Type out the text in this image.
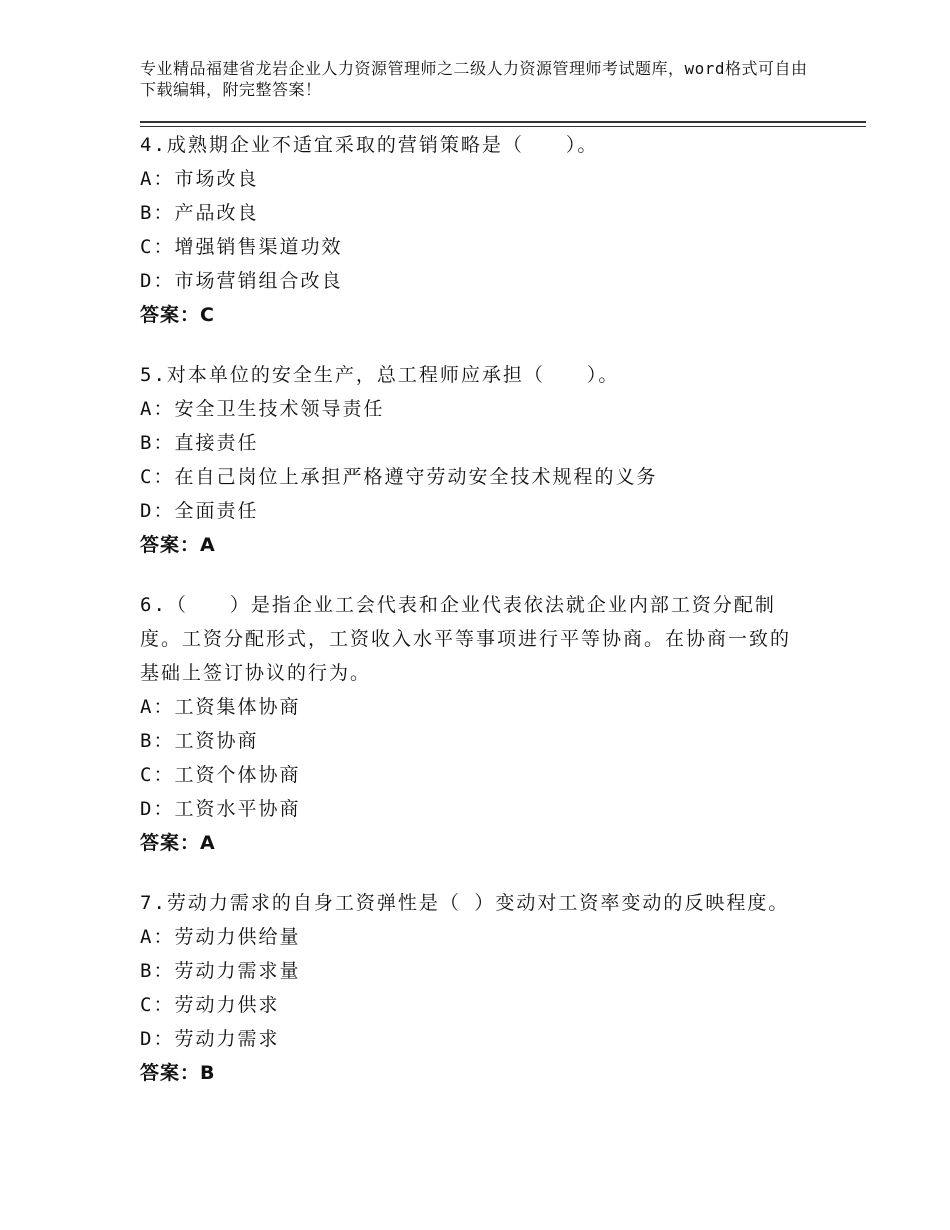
专业精品福建省龙岩企业人力资源管理师之二级人力资源管理师考试题库，word格式可自由下载编辑，附完整答案！
4.成熟期企业不适宜采取的营销策略是（　　）。
A：市场改良
B：产品改良
C：增强销售渠道功效
D：市场营销组合改良
答案：C
5.对本单位的安全生产，总工程师应承担（　　）。
A：安全卫生技术领导责任
B：直接责任
C：在自己岗位上承担严格遵守劳动安全技术规程的义务
D：全面责任
答案：A
6.（　　）是指企业工会代表和企业代表依法就企业内部工资分配制度。工资分配形式，工资收入水平等事项进行平等协商。在协商一致的基础上签订协议的行为。
A：工资集体协商
B：工资协商
C：工资个体协商
D：工资水平协商
答案：A
7.劳动力需求的自身工资弹性是（ ）变动对工资率变动的反映程度。
A：劳动力供给量
B：劳动力需求量
C：劳动力供求
D：劳动力需求
答案：B
